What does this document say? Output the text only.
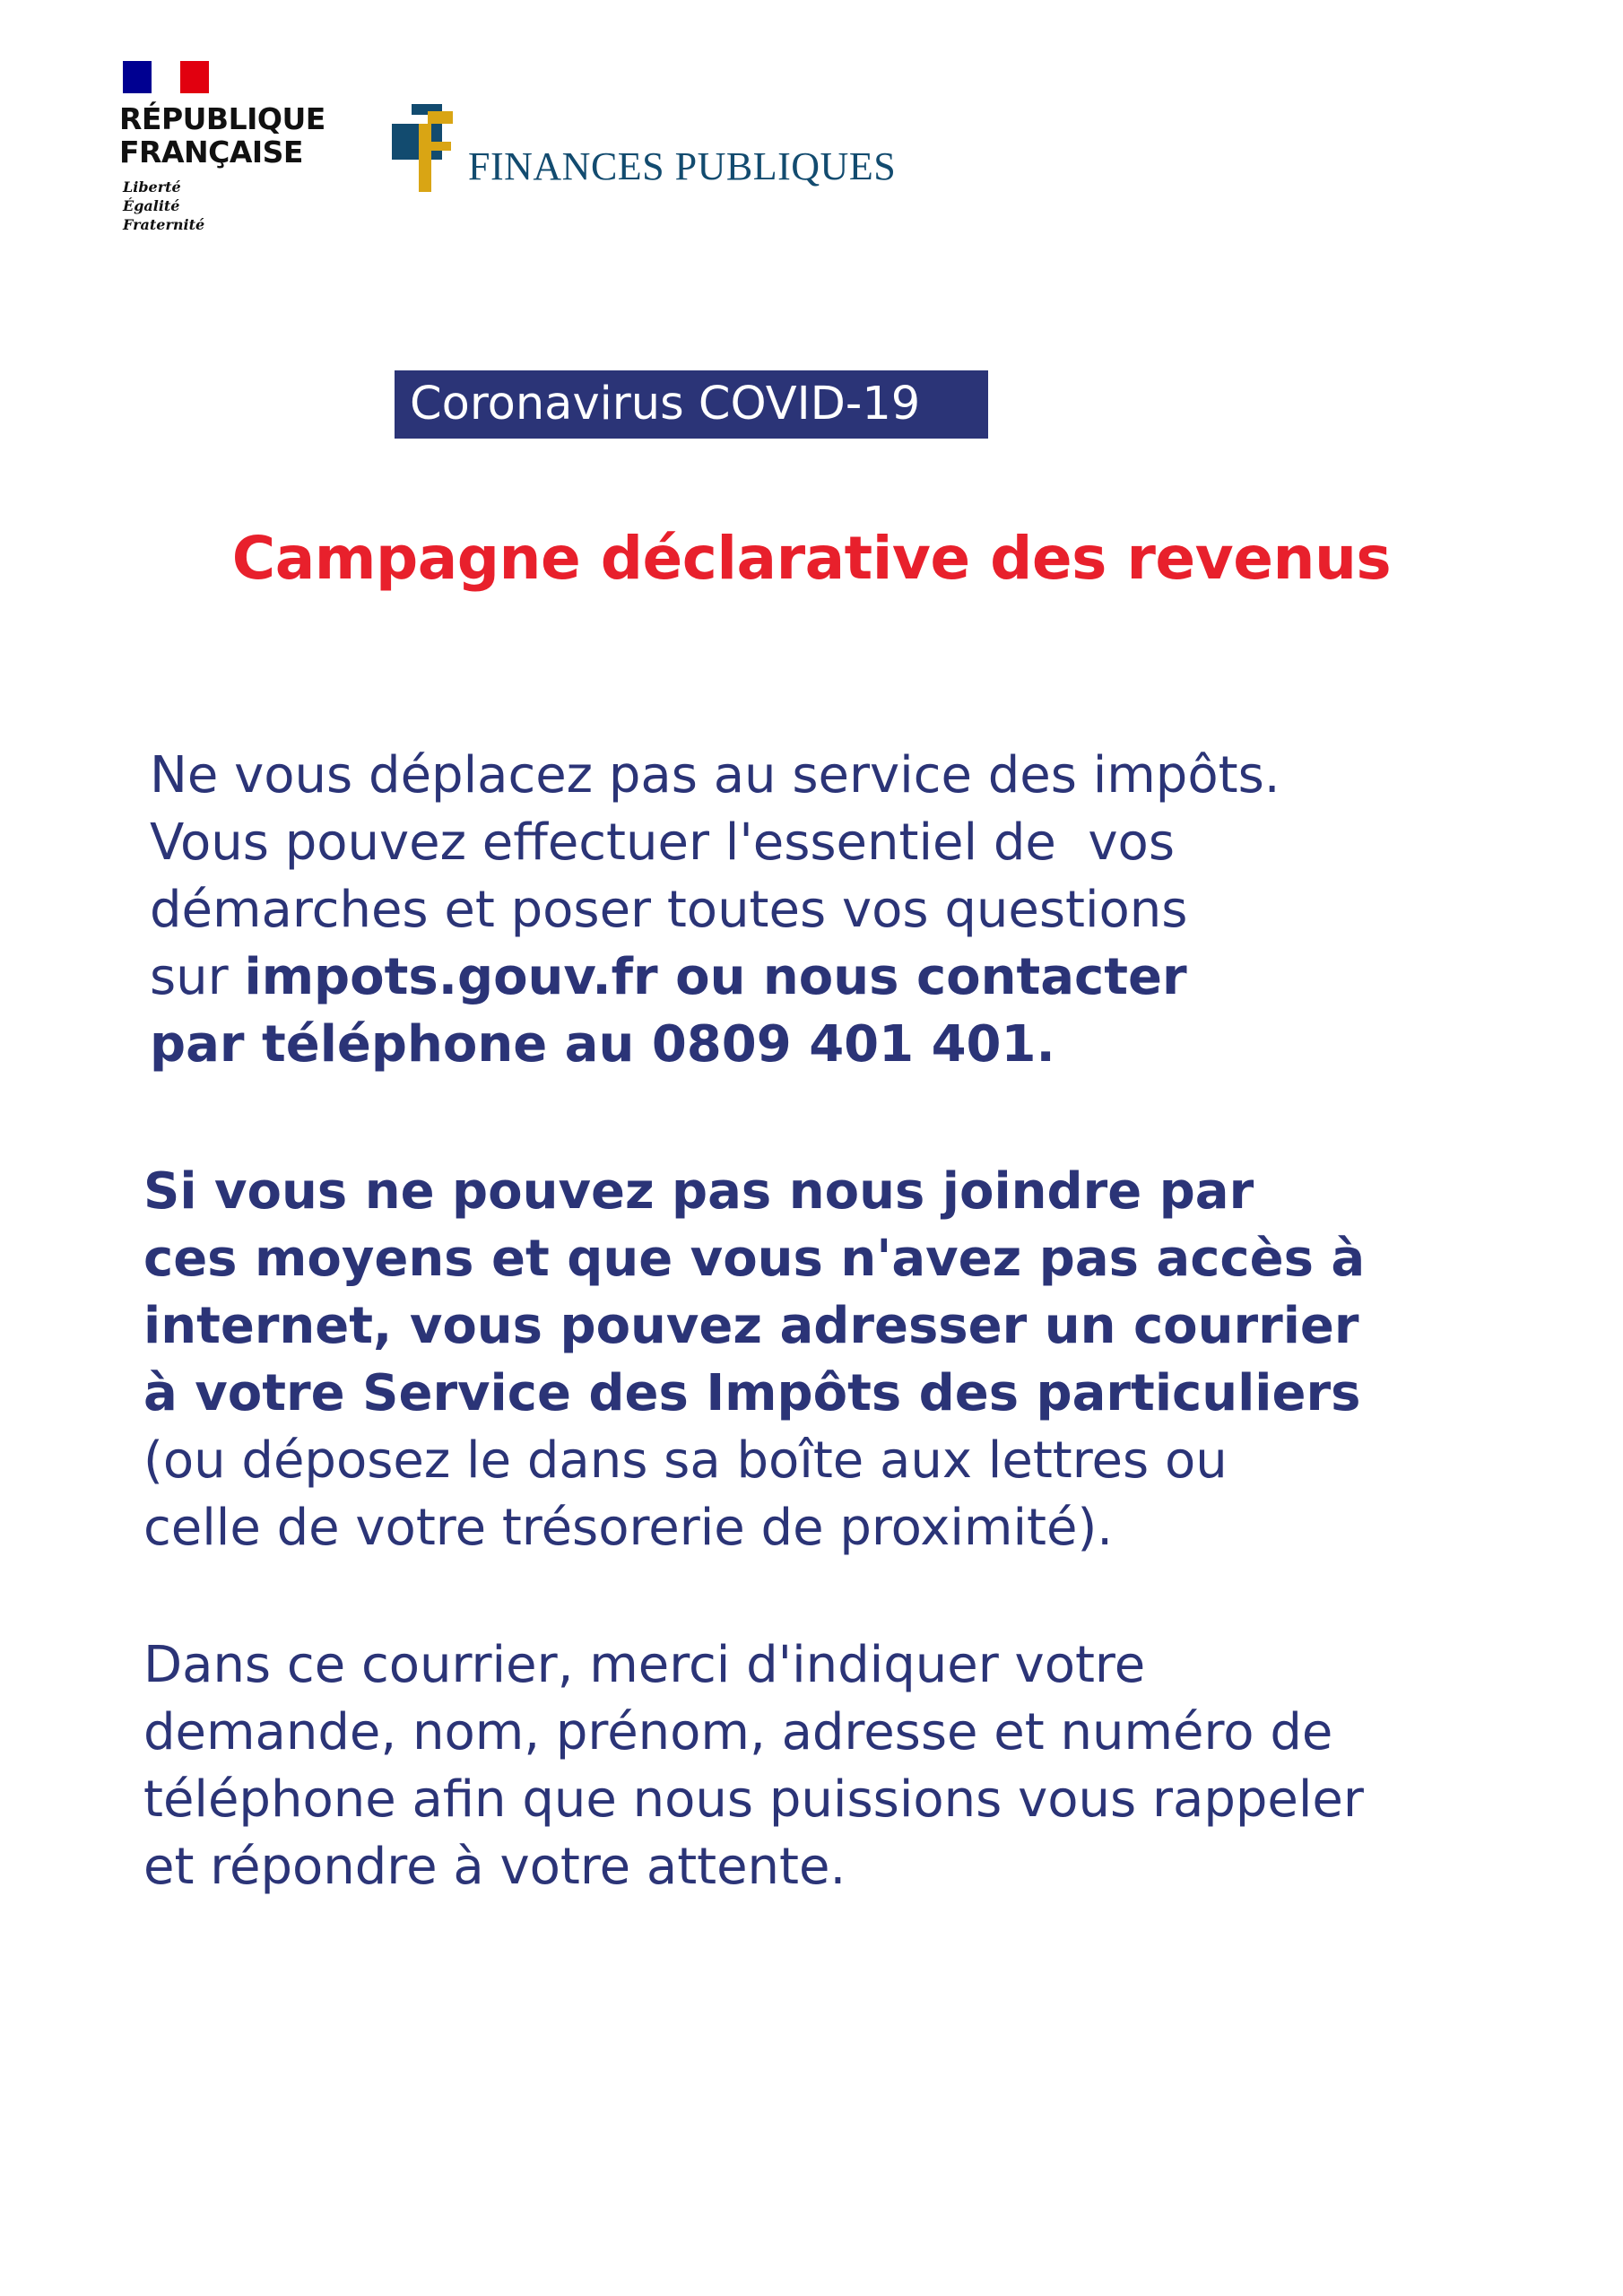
RÉPUBLIQUE
FRANÇAISE
Liberté
Égalité
Fraternité
FINANCES PUBLIQUES
Coronavirus COVID-19
Campagne déclarative des revenus
Ne vous déplacez pas au service des impôts.
Vous pouvez effectuer l'essentiel de  vos
démarches et poser toutes vos questions
sur impots.gouv.fr ou nous contacter
par téléphone au 0809 401 401.
Si vous ne pouvez pas nous joindre par
ces moyens et que vous n'avez pas accès à
internet, vous pouvez adresser un courrier
à votre Service des Impôts des particuliers
(ou déposez le dans sa boîte aux lettres ou
celle de votre trésorerie de proximité).
Dans ce courrier, merci d'indiquer votre
demande, nom, prénom, adresse et numéro de
téléphone afin que nous puissions vous rappeler
et répondre à votre attente.
